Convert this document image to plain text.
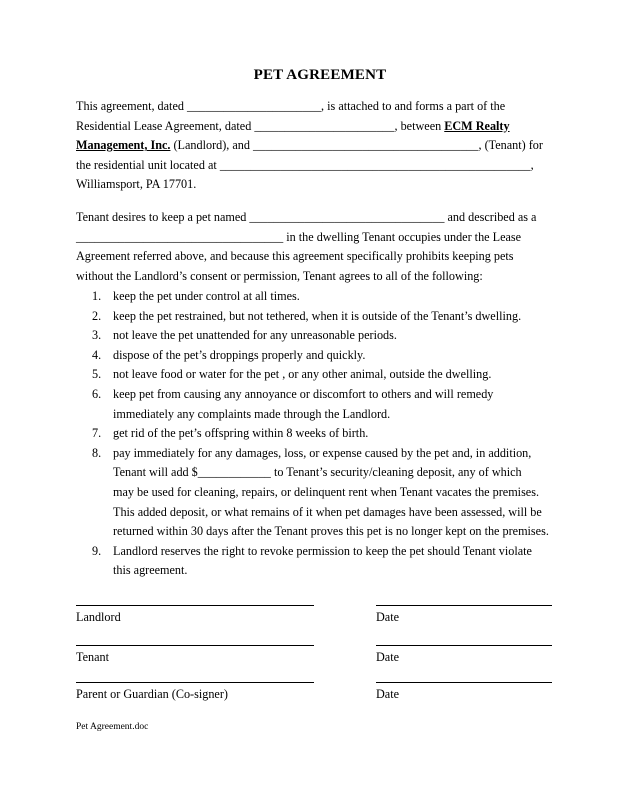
PET AGREEMENT
This agreement, dated ______________________, is attached to and forms a part of the
Residential Lease Agreement, dated _______________________, between ECM Realty
Management, Inc. (Landlord), and _____________________________________, (Tenant) for
the residential unit located at ___________________________________________________,
Williamsport, PA 17701.
Tenant desires to keep a pet named ________________________________ and described as a
__________________________________ in the dwelling Tenant occupies under the Lease
Agreement referred above, and because this agreement specifically prohibits keeping pets
without the Landlord’s consent or permission, Tenant agrees to all of the following:
1. keep the pet under control at all times.
2. keep the pet restrained, but not tethered, when it is outside of the Tenant’s dwelling.
3. not leave the pet unattended for any unreasonable periods.
4. dispose of the pet’s droppings properly and quickly.
5. not leave food or water for the pet , or any other animal, outside the dwelling.
6. keep pet from causing any annoyance or discomfort to others and will remedy
immediately any complaints made through the Landlord.
7. get rid of the pet’s offspring within 8 weeks of birth.
8. pay immediately for any damages, loss, or expense caused by the pet and, in addition,
Tenant will add $____________ to Tenant’s security/cleaning deposit, any of which
may be used for cleaning, repairs, or delinquent rent when Tenant vacates the premises.
This added deposit, or what remains of it when pet damages have been assessed, will be
returned within 30 days after the Tenant proves this pet is no longer kept on the premises.
9. Landlord reserves the right to revoke permission to keep the pet should Tenant violate
this agreement.
Landlord	Date
Tenant	Date
Parent or Guardian (Co-signer)	Date
Pet Agreement.doc
